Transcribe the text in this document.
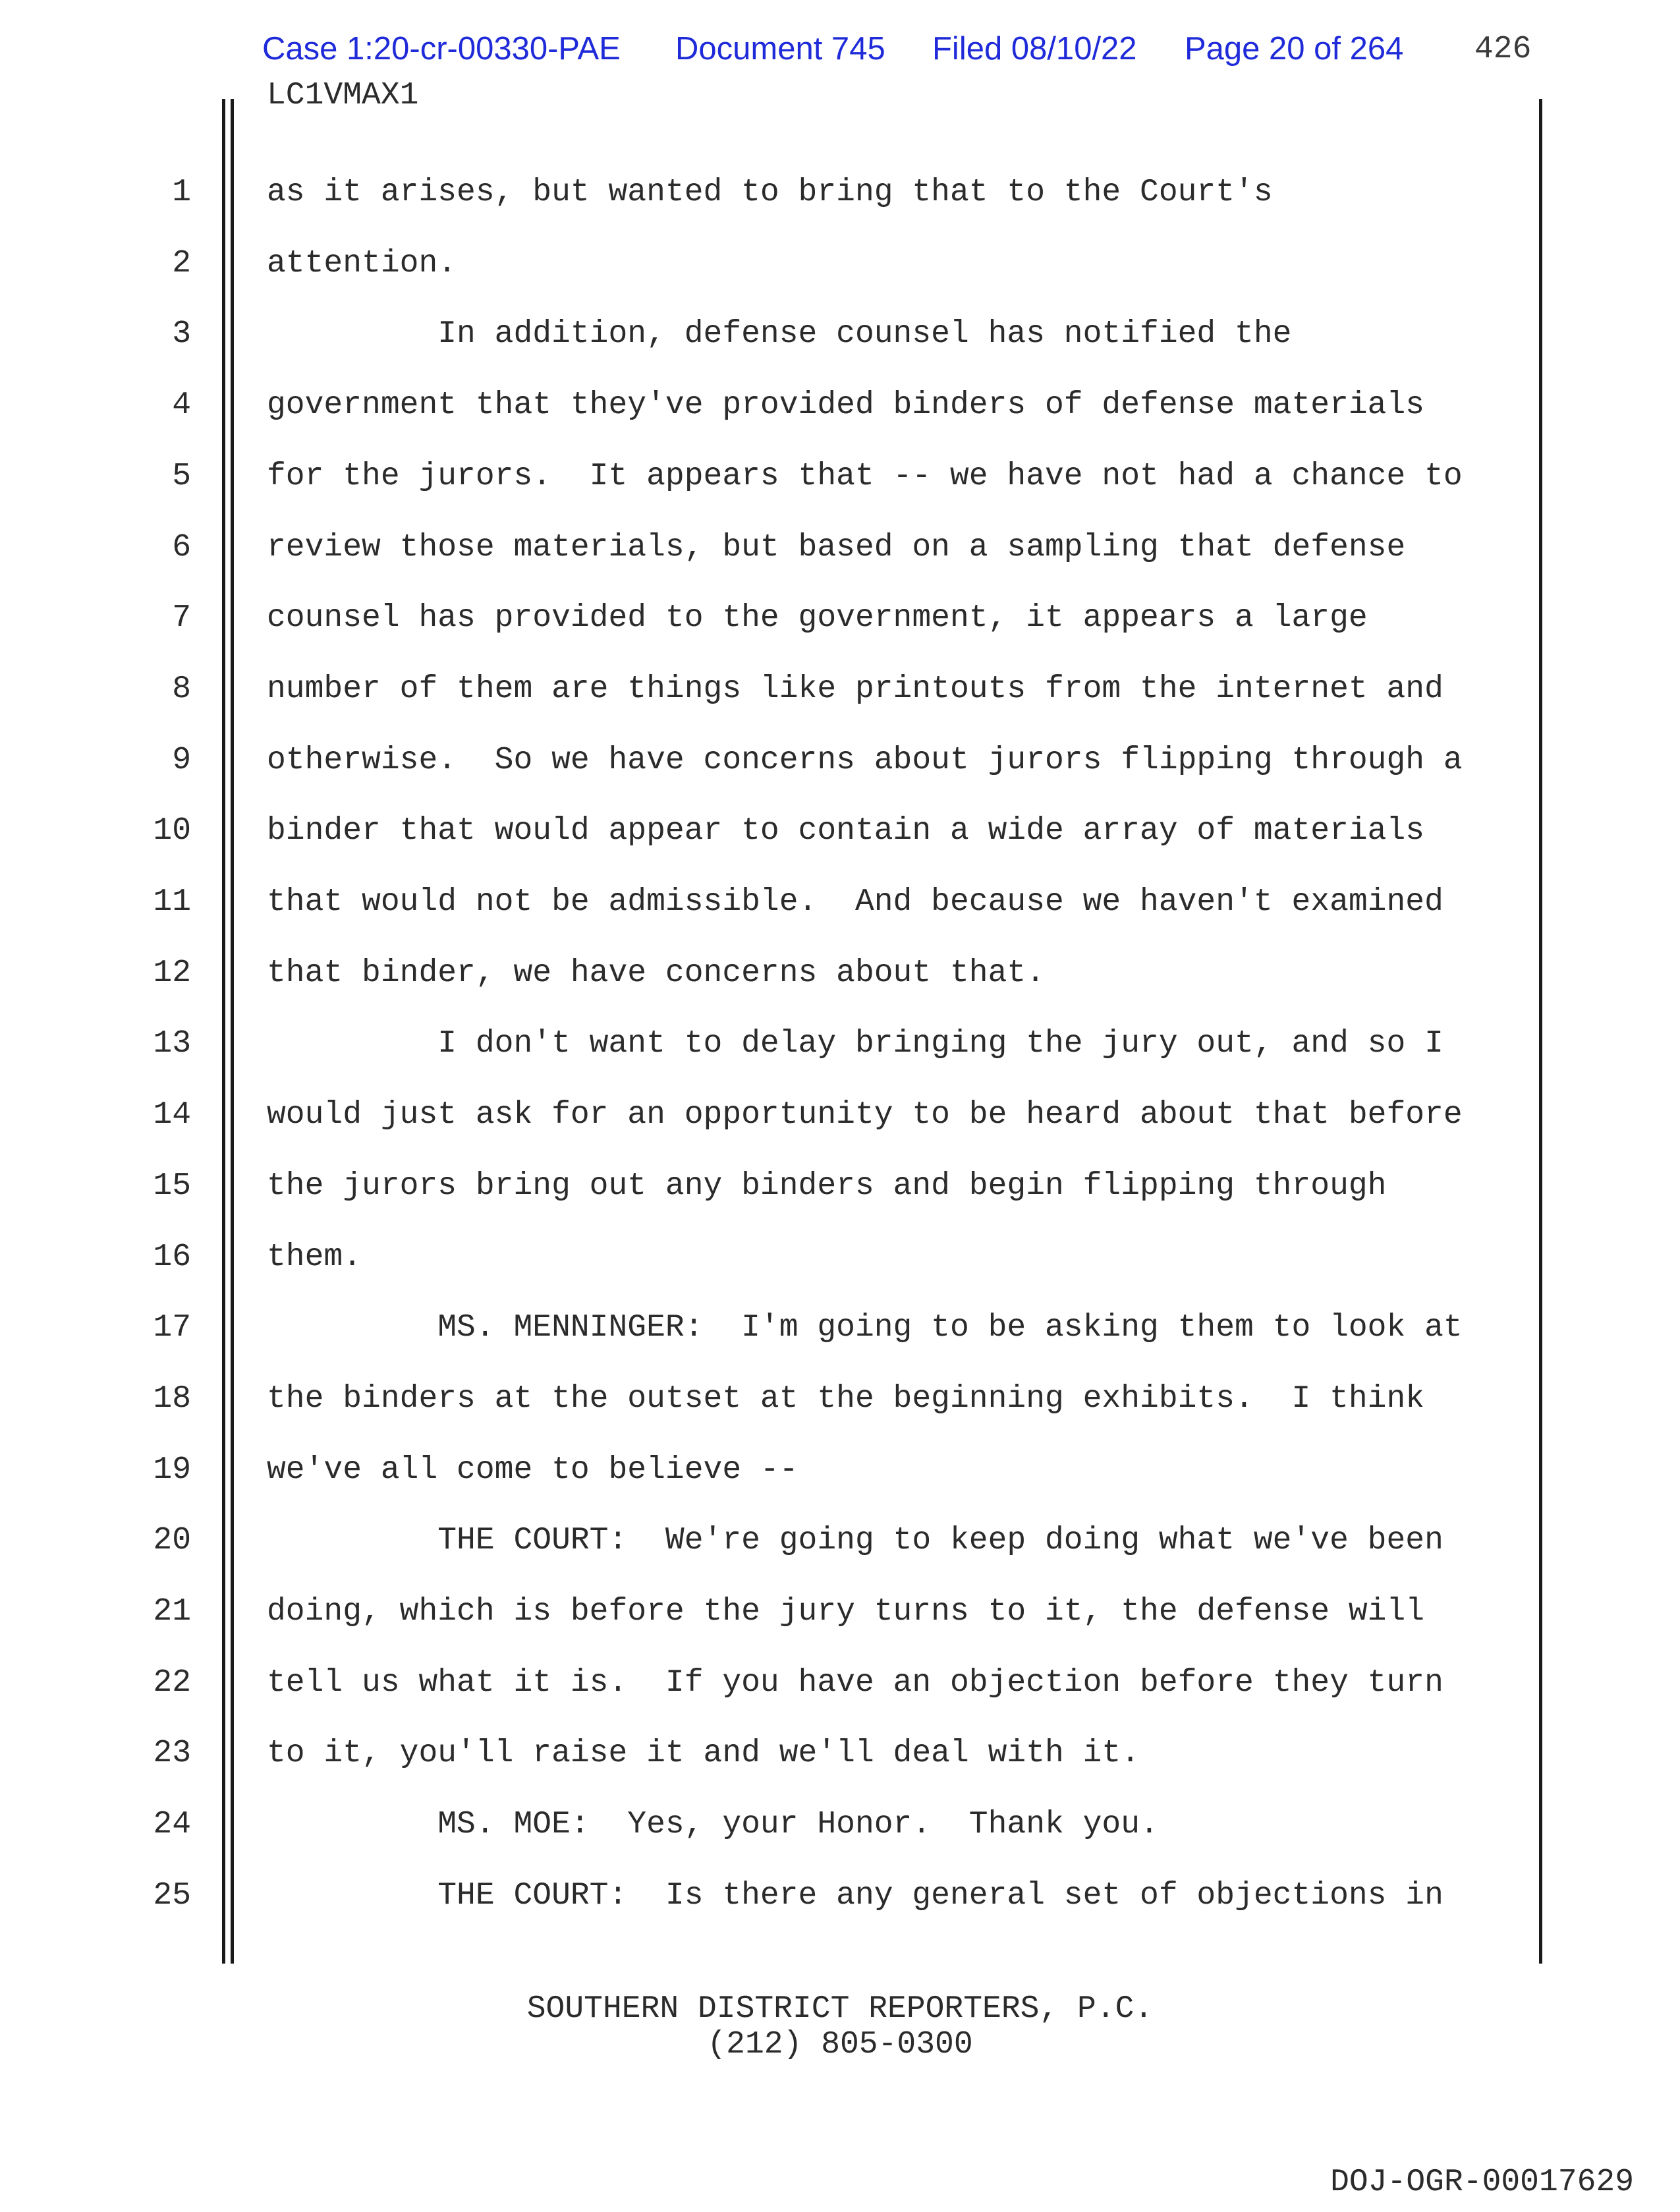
Case 1:20-cr-00330-PAE Document 745 Filed 08/10/22 Page 20 of 264 426
LC1VMAX1
1 as it arises, but wanted to bring that to the Court's
2 attention.
3 In addition, defense counsel has notified the
4 government that they've provided binders of defense materials
5 for the jurors.  It appears that -- we have not had a chance to
6 review those materials, but based on a sampling that defense
7 counsel has provided to the government, it appears a large
8 number of them are things like printouts from the internet and
9 otherwise.  So we have concerns about jurors flipping through a
10 binder that would appear to contain a wide array of materials
11 that would not be admissible.  And because we haven't examined
12 that binder, we have concerns about that.
13 I don't want to delay bringing the jury out, and so I
14 would just ask for an opportunity to be heard about that before
15 the jurors bring out any binders and begin flipping through
16 them.
17 MS. MENNINGER:  I'm going to be asking them to look at
18 the binders at the outset at the beginning exhibits.  I think
19 we've all come to believe --
20 THE COURT:  We're going to keep doing what we've been
21 doing, which is before the jury turns to it, the defense will
22 tell us what it is.  If you have an objection before they turn
23 to it, you'll raise it and we'll deal with it.
24 MS. MOE:  Yes, your Honor.  Thank you.
25 THE COURT:  Is there any general set of objections in
SOUTHERN DISTRICT REPORTERS, P.C.
(212) 805-0300
DOJ-OGR-00017629
